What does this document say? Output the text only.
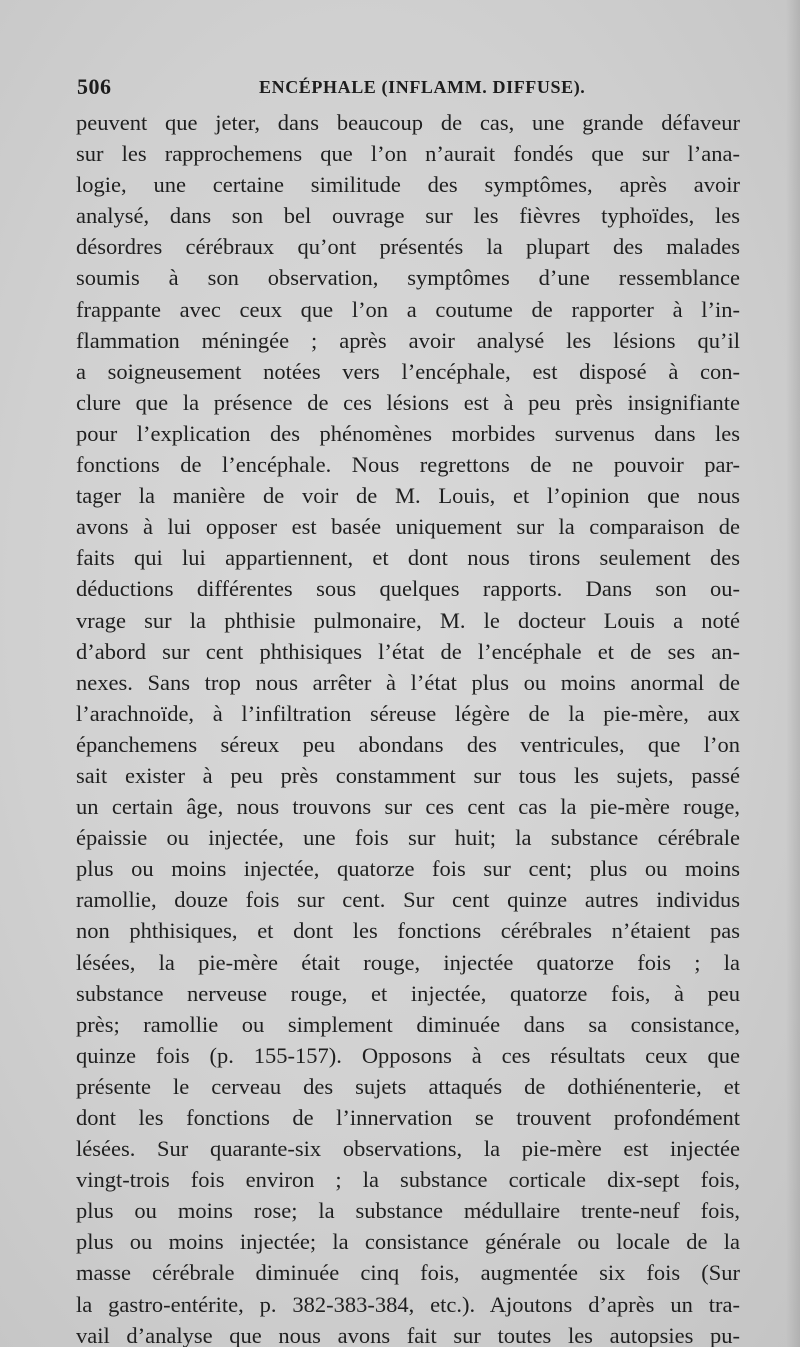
506	ENCÉPHALE (INFLAMM. DIFFUSE).
peuvent que jeter, dans beaucoup de cas, une grande défaveur
sur les rapprochemens que l’on n’aurait fondés que sur l’ana-
logie, une certaine similitude des symptômes, après avoir
analysé, dans son bel ouvrage sur les fièvres typhoïdes, les
désordres cérébraux qu’ont présentés la plupart des malades
soumis à son observation, symptômes d’une ressemblance
frappante avec ceux que l’on a coutume de rapporter à l’in-
flammation méningée ; après avoir analysé les lésions qu’il
a soigneusement notées vers l’encéphale, est disposé à con-
clure que la présence de ces lésions est à peu près insignifiante
pour l’explication des phénomènes morbides survenus dans les
fonctions de l’encéphale. Nous regrettons de ne pouvoir par-
tager la manière de voir de M. Louis, et l’opinion que nous
avons à lui opposer est basée uniquement sur la comparaison de
faits qui lui appartiennent, et dont nous tirons seulement des
déductions différentes sous quelques rapports. Dans son ou-
vrage sur la phthisie pulmonaire, M. le docteur Louis a noté
d’abord sur cent phthisiques l’état de l’encéphale et de ses an-
nexes. Sans trop nous arrêter à l’état plus ou moins anormal de
l’arachnoïde, à l’infiltration séreuse légère de la pie-mère, aux
épanchemens séreux peu abondans des ventricules, que l’on
sait exister à peu près constamment sur tous les sujets, passé
un certain âge, nous trouvons sur ces cent cas la pie-mère rouge,
épaissie ou injectée, une fois sur huit; la substance cérébrale
plus ou moins injectée, quatorze fois sur cent; plus ou moins
ramollie, douze fois sur cent. Sur cent quinze autres individus
non phthisiques, et dont les fonctions cérébrales n’étaient pas
lésées, la pie-mère était rouge, injectée quatorze fois ; la
substance nerveuse rouge, et injectée, quatorze fois, à peu
près; ramollie ou simplement diminuée dans sa consistance,
quinze fois (p. 155-157). Opposons à ces résultats ceux que
présente le cerveau des sujets attaqués de dothiénenterie, et
dont les fonctions de l’innervation se trouvent profondément
lésées. Sur quarante-six observations, la pie-mère est injectée
vingt-trois fois environ ; la substance corticale dix-sept fois,
plus ou moins rose; la substance médullaire trente-neuf fois,
plus ou moins injectée; la consistance générale ou locale de la
masse cérébrale diminuée cinq fois, augmentée six fois (Sur
la gastro-entérite, p. 382-383-384, etc.). Ajoutons d’après un tra-
vail d’analyse que nous avons fait sur toutes les autopsies pu-
